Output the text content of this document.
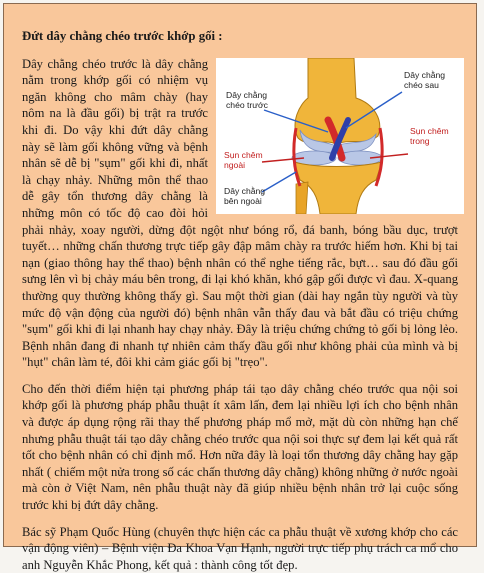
Đứt dây chằng chéo trước khớp gối :
Dây chằng
chéo trước
Dây chằng
chéo sau
Sụn chêm
ngoài
Sụn chêm
trong
Dây chằng
bên ngoài

Dây chằng chéo trước là dây chằng nằm trong khớp gối có nhiệm vụ ngăn không cho mâm chày (hay nôm na là đầu gối) bị trật ra trước khi đi. Do vậy khi đứt dây chằng này sẽ làm gối không vững và bệnh nhân sẽ dễ bị "sụm" gối khi đi, nhất là chạy nhảy. Những môn thể thao dễ gây tổn thương dây chằng là những môn có tốc độ cao đòi hỏi phải nhảy, xoay người, dừng đột ngột như bóng rổ, đá banh, bóng bầu dục, trượt tuyết… những chấn thương trực tiếp gây đập mâm chày ra trước hiếm hơn. Khi bị tai nạn (giao thông hay thể thao) bệnh nhân có thể nghe tiếng rắc, bựt… sau đó đầu gối sưng lên vì bị chảy máu bên trong, đi lại khó khăn, khó gập gối được vì đau. X-quang thường quy thường không thấy gì. Sau một thời gian (dài hay ngắn tùy người và tùy mức độ vận động của người đó) bệnh nhân vẫn thấy đau và bắt đầu có triệu chứng "sụm" gối khi đi lại nhanh hay chạy nhảy. Đây là triệu chứng chứng tỏ gối bị lỏng lẻo. Bệnh nhân đang đi nhanh tự nhiên cảm thấy đầu gối như không phải của mình và bị "hụt" chân làm té, đôi khi cảm giác gối bị "trẹo".

Cho đến thời điểm hiện tại phương pháp tái tạo dây chằng chéo trước qua nội soi khớp gối là phương pháp phẫu thuật ít xâm lấn, đem lại nhiều lợi ích cho bệnh nhân và được áp dụng rộng rãi thay thế phương pháp mổ mở, mặt dù còn những hạn chế nhưng phẫu thuật tái tạo dây chằng chéo trước qua nội soi thực sự đem lại kết quả rất tốt cho bệnh nhân có chỉ định mổ. Hơn nữa đây là loại tổn thương dây chằng hay gặp nhất ( chiếm một nửa trong số các chấn thương dây chằng) không những ở nước ngoài mà còn ở Việt Nam, nên phẫu thuật này đã giúp nhiều bệnh nhân trở lại cuộc sống trước khi bị đứt dây chằng.

Bác sỹ Phạm Quốc Hùng (chuyên thực hiện các ca phẫu thuật về xương khớp cho các vận động viên) – Bệnh viện Đa Khoa Vạn Hạnh, người trực tiếp phụ trách ca mổ cho anh Nguyễn Khắc Phong, kết quả : thành công tốt đẹp.
